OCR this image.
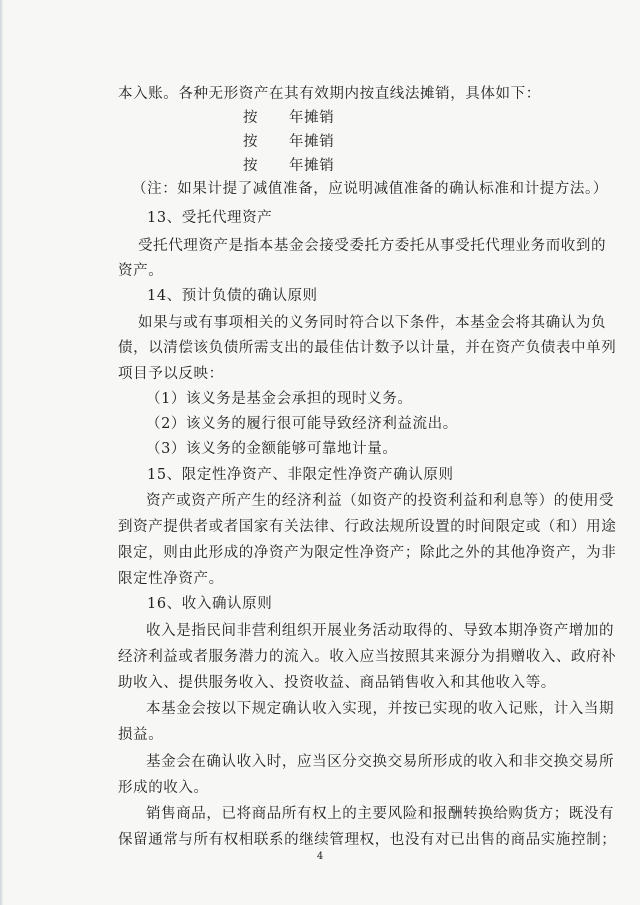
本入账。各种无形资产在其有效期内按直线法摊销，具体如下：
按 年摊销
按 年摊销
按 年摊销
（注：如果计提了减值准备，应说明减值准备的确认标准和计提方法。）
13、受托代理资产
受托代理资产是指本基金会接受委托方委托从事受托代理业务而收到的
资产。
14、预计负债的确认原则
如果与或有事项相关的义务同时符合以下条件，本基金会将其确认为负
债，以清偿该负债所需支出的最佳估计数予以计量，并在资产负债表中单列
项目予以反映：
（1）该义务是基金会承担的现时义务。
（2）该义务的履行很可能导致经济利益流出。
（3）该义务的金额能够可靠地计量。
15、限定性净资产、非限定性净资产确认原则
资产或资产所产生的经济利益（如资产的投资利益和利息等）的使用受
到资产提供者或者国家有关法律、行政法规所设置的时间限定或（和）用途
限定，则由此形成的净资产为限定性净资产；除此之外的其他净资产，为非
限定性净资产。
16、收入确认原则
收入是指民间非营利组织开展业务活动取得的、导致本期净资产增加的
经济利益或者服务潜力的流入。收入应当按照其来源分为捐赠收入、政府补
助收入、提供服务收入、投资收益、商品销售收入和其他收入等。
本基金会按以下规定确认收入实现，并按已实现的收入记账，计入当期
损益。
基金会在确认收入时，应当区分交换交易所形成的收入和非交换交易所
形成的收入。
销售商品，已将商品所有权上的主要风险和报酬转换给购货方；既没有
保留通常与所有权相联系的继续管理权，也没有对已出售的商品实施控制；
4
